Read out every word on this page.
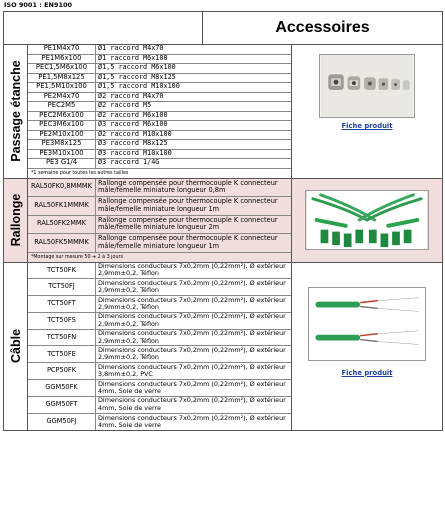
ISO 9001 : EN9100
Accessoires
Passage étanche
PE1M4x70	Ø1 raccord M4x70
PE1M6x100	Ø1 raccord M6x100
PEC1,5M6x100	Ø1,5 raccord M6x100
PE1,5M8x125	Ø1,5 raccord M8x125
PE1,5M10x100	Ø1,5 raccord M10x100
PE2M4x70	Ø2 raccord M4x70
PEC2M5	Ø2 raccord M5
PEC2M6x100	Ø2 raccord M6x100
PEC3M6x100	Ø3 raccord M6x100
PE2M10x100	Ø2 raccord M10x100
PE3M8x125	Ø3 raccord M8x125
PE3M10x100	Ø3 raccord M10x100
PE3 G1/4	Ø3 raccord 1/4G
*1 semaine pour toutes les autres tailles
Fiche produit
Rallonge
RAL50FK0,8MMMK Rallonge compensée pour thermocouple K connecteur mâle/femelle miniature longueur 0,8m
RAL50FK1MMMK	Rallonge compensée pour thermocouple K connecteur mâle/femelle miniature longueur 1m
RAL50FK2MMK	Rallonge compensée pour thermocouple K connecteur mâle/femelle miniature longueur 2m
RAL50FK5MMMK	Rallonge compensée pour thermocouple K connecteur mâle/femelle miniature longueur 1m
*Montage sur mesure 50 ➔ 2 à 3 jours
Câble
TCT50FK	Dimensions conducteurs 7x0,2mm (0,22mm²), Ø extérieur 2,9mm±0,2, Téflon
TCT50FJ	Dimensions conducteurs 7x0,2mm (0,22mm²), Ø extérieur 2,9mm±0,2, Téflon
TCT50FT	Dimensions conducteurs 7x0,2mm (0,22mm²), Ø extérieur 2,9mm±0,2, Téflon
TCT50FS	Dimensions conducteurs 7x0,2mm (0,22mm²), Ø extérieur 2,9mm±0,2, Téflon
TCT50FN	Dimensions conducteurs 7x0,2mm (0,22mm²), Ø extérieur 2,9mm±0,2, Téflon
TCT50FE	Dimensions conducteurs 7x0,2mm (0,22mm²), Ø extérieur 2,9mm±0,2, Téflon
PCP50FK	Dimensions conducteurs 7x0,2mm (0,22mm²), Ø extérieur 3,8mm±0,2, PVC
GGM50FK	Dimensions conducteurs 7x0,2mm (0,22mm²), Ø extérieur 4mm, Soie de verre
GGM50FT	Dimensions conducteurs 7x0,2mm (0,22mm²), Ø extérieur 4mm, Soie de verre
GGM50FJ	Dimensions conducteurs 7x0,2mm (0,22mm²), Ø extérieur 4mm, Soie de verre
Fiche produit
